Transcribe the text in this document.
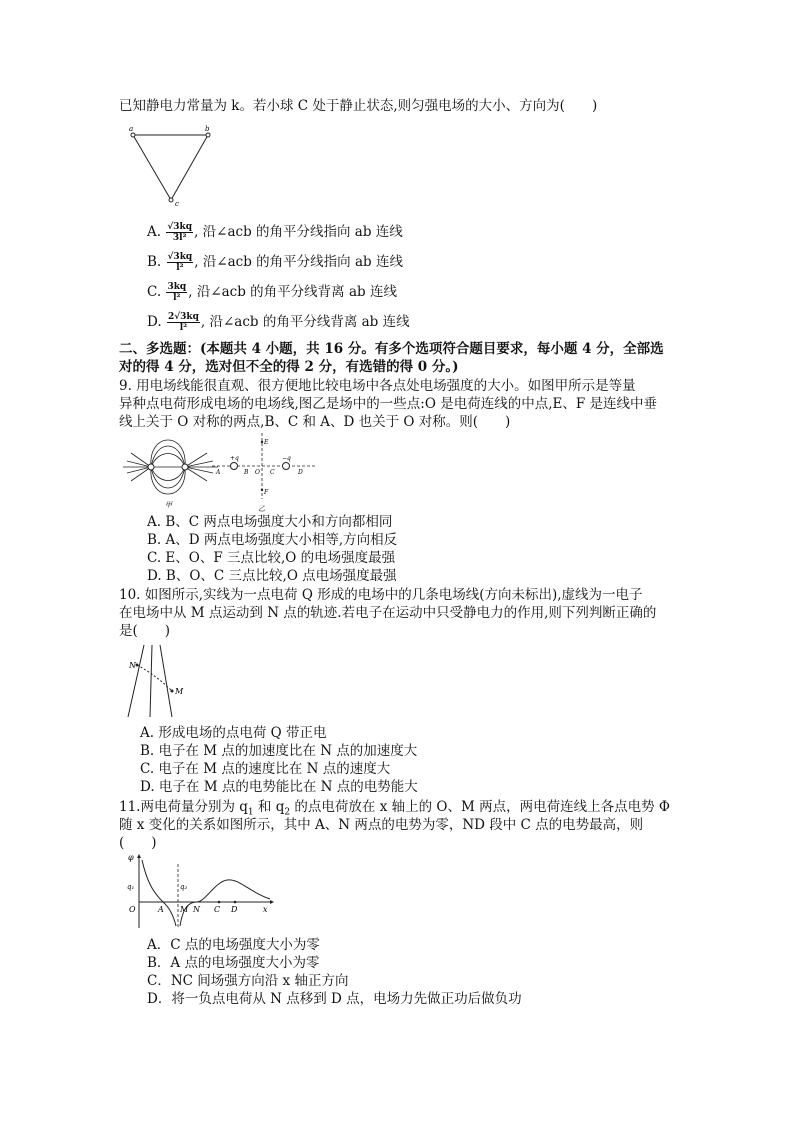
已知静电力常量为 k。若小球 C 处于静止状态,则匀强电场的大小、方向为(　　)
a	b
c
A. $\frac{√3kq}{\text{3l²}}$ , 沿∠acb 的角平分线指向 ab 连线
B. $\frac{√3kq}{\text{l²}}$ , 沿∠acb 的角平分线指向 ab 连线
C. $\frac{3kq}{\text{l²}}$ , 沿∠acb 的角平分线背离 ab 连线
D. $\frac{2√3kq}{\text{l²}}$ , 沿∠acb 的角平分线背离 ab 连线
二、多选题：(本题共 4 小题，共 16 分。有多个选项符合题目要求，每小题 4 分，全部选
对的得 4 分，选对但不全的得 2 分，有选错的得 0 分。)
9. 用电场线能很直观、很方便地比较电场中各点处电场强度的大小。如图甲所示是等量
异种点电荷形成电场的电场线,图乙是场中的一些点:O 是电荷连线的中点,E、F 是连线中垂
线上关于 O 对称的两点,B、C 和 A、D 也关于 O 对称。则(　　)
甲
+q	−q
E
F
A	B O C	D
乙
A. B、C 两点电场强度大小和方向都相同
B. A、D 两点电场强度大小相等,方向相反
C. E、O、F 三点比较,O 的电场强度最强
D. B、O、C 三点比较,O 点电场强度最强
10. 如图所示,实线为一点电荷 Q 形成的电场中的几条电场线(方向未标出),虚线为一电子
在电场中从 M 点运动到 N 点的轨迹.若电子在运动中只受静电力的作用,则下列判断正确的
是(　　)
N
M
A. 形成电场的点电荷 Q 带正电
B. 电子在 M 点的加速度比在 N 点的加速度大
C. 电子在 M 点的速度比在 N 点的速度大
D. 电子在 M 点的电势能比在 N 点的电势能大
11.两电荷量分别为 $q_1$ 和 $q_2$ 的点电荷放在 x 轴上的 O、M 两点，两电荷连线上各点电势 Φ
随 x 变化的关系如图所示，其中 A、N 两点的电势为零，ND 段中 C 点的电势最高，则
(　　)
φ
q₁	q₂
O	A M N C D	x
A．C 点的电场强度大小为零
B．A 点的电场强度大小为零
C．NC 间场强方向沿 x 轴正方向
D．将一负点电荷从 N 点移到 D 点，电场力先做正功后做负功
